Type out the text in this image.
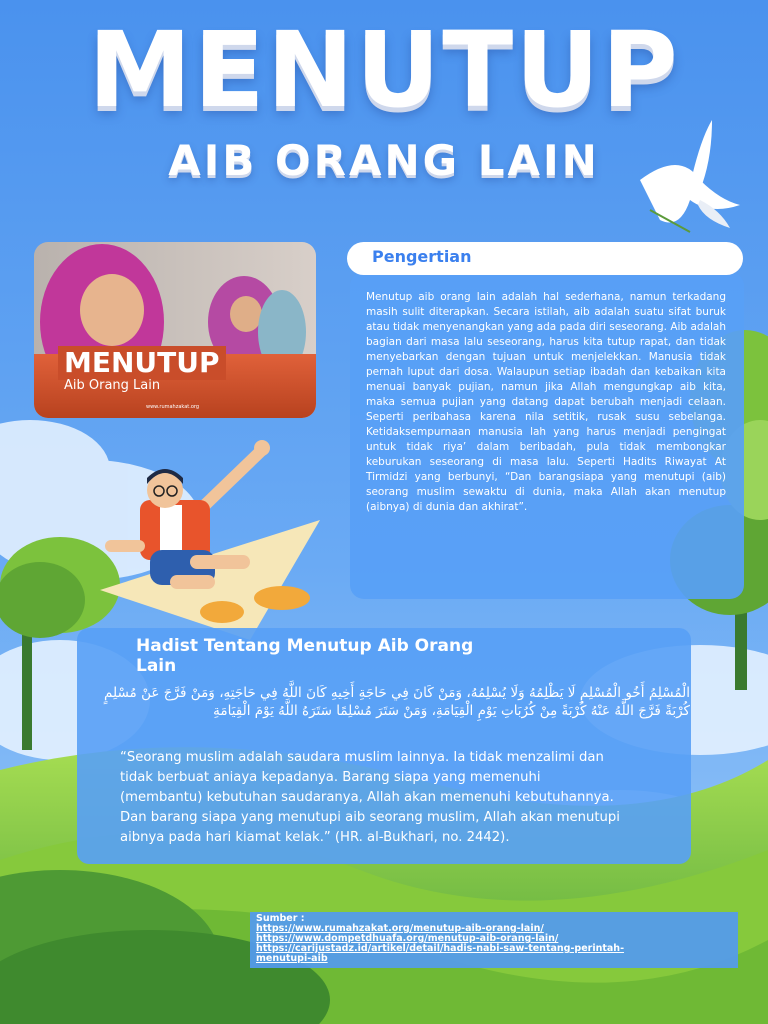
MENUTUP
AIB ORANG LAIN
MENUTUP
Aib Orang Lain
www.rumahzakat.org
Pengertian

Menutup aib orang lain adalah hal sederhana, namun terkadang masih sulit diterapkan. Secara istilah, aib adalah suatu sifat buruk atau tidak menyenangkan yang ada pada diri seseorang. Aib adalah bagian dari masa lalu seseorang, harus kita tutup rapat, dan tidak menyebarkan dengan tujuan untuk menjelekkan. Manusia tidak pernah luput dari dosa. Walaupun setiap ibadah dan kebaikan kita menuai banyak pujian, namun jika Allah mengungkap aib kita, maka semua pujian yang datang dapat berubah menjadi celaan. Seperti peribahasa karena nila setitik, rusak susu sebelanga. Ketidaksempurnaan manusia lah yang harus menjadi pengingat untuk tidak riya’ dalam beribadah, pula tidak membongkar keburukan seseorang di masa lalu. Seperti Hadits Riwayat At Tirmidzi yang berbunyi, “Dan barangsiapa yang menutupi (aib) seorang muslim sewaktu di dunia, maka Allah akan menutup (aibnya) di dunia dan akhirat”.

Hadist Tentang Menutup Aib Orang Lain

الْمُسْلِمُ أَخُو الْمُسْلِمِ لَا يَظْلِمُهُ وَلَا يُسْلِمُهُ، وَمَنْ كَانَ فِي حَاجَةِ أَخِيهِ كَانَ اللَّهُ فِي حَاجَتِهِ، وَمَنْ فَرَّجَ عَنْ مُسْلِمٍ كُرْبَةً فَرَّجَ اللَّهُ عَنْهُ كُرْبَةً مِنْ كُرُبَاتِ يَوْمِ الْقِيَامَةِ، وَمَنْ سَتَرَ مُسْلِمًا سَتَرَهُ اللَّهُ يَوْمَ الْقِيَامَةِ

“Seorang muslim adalah saudara muslim lainnya. Ia tidak menzalimi dan tidak berbuat aniaya kepadanya. Barang siapa yang memenuhi (membantu) kebutuhan saudaranya, Allah akan memenuhi kebutuhannya. Dan barang siapa yang menutupi aib seorang muslim, Allah akan menutupi aibnya pada hari kiamat kelak.” (HR. al-Bukhari, no. 2442).

Sumber :
https://www.rumahzakat.org/menutup-aib-orang-lain/
https://www.dompetdhuafa.org/menutup-aib-orang-lain/
https://carijustadz.id/artikel/detail/hadis-nabi-saw-tentang-perintah-
menutupi-aib
